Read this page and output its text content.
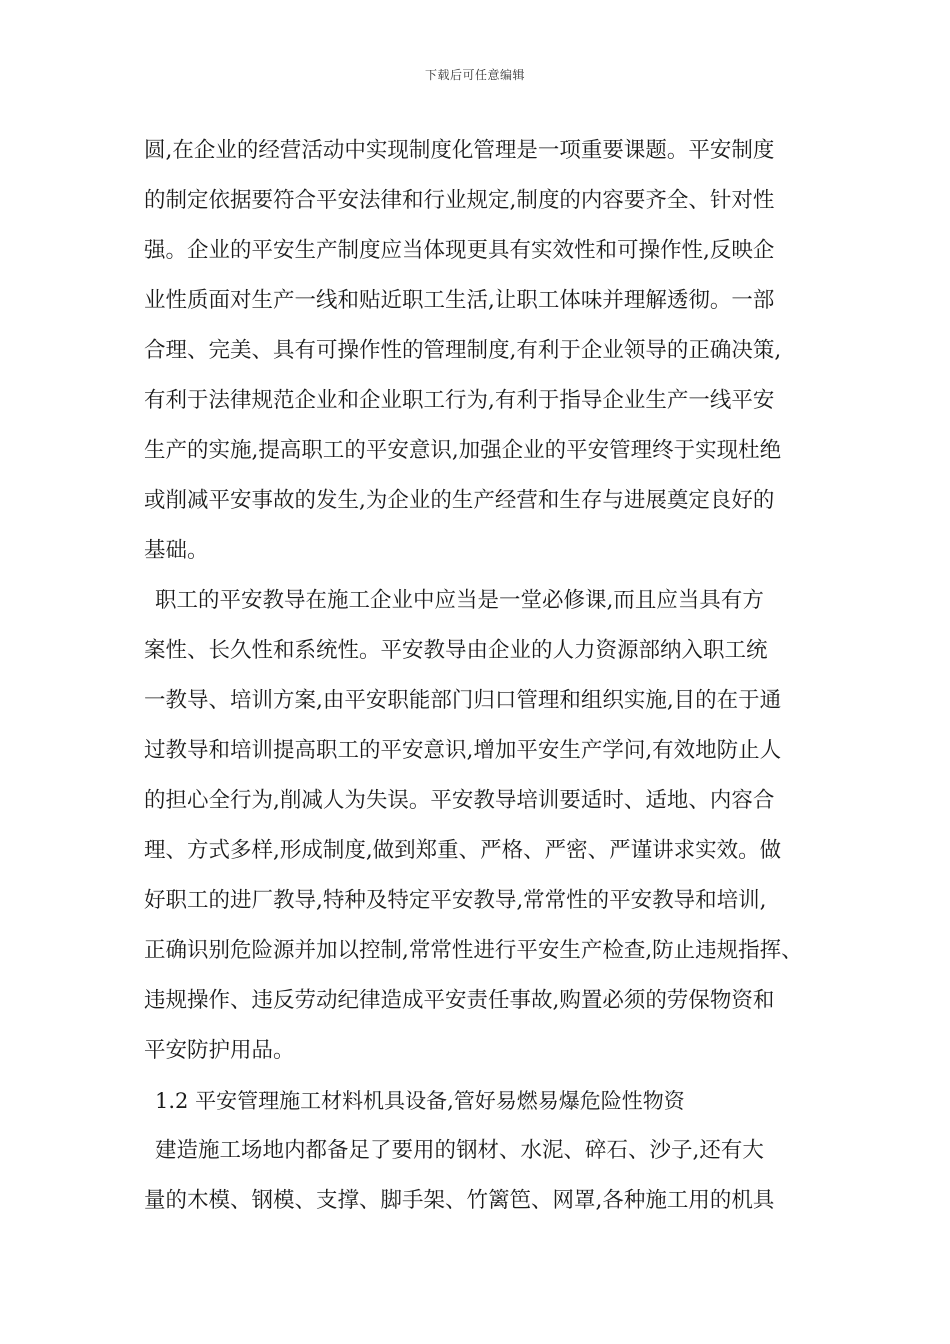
下载后可任意编辑
圆,在企业的经营活动中实现制度化管理是一项重要课题。平安制度
的制定依据要符合平安法律和行业规定,制度的内容要齐全、针对性
强。企业的平安生产制度应当体现更具有实效性和可操作性,反映企
业性质面对生产一线和贴近职工生活,让职工体味并理解透彻。一部
合理、完美、具有可操作性的管理制度,有利于企业领导的正确决策,
有利于法律规范企业和企业职工行为,有利于指导企业生产一线平安
生产的实施,提高职工的平安意识,加强企业的平安管理终于实现杜绝
或削减平安事故的发生,为企业的生产经营和生存与进展奠定良好的
基础。
职工的平安教导在施工企业中应当是一堂必修课,而且应当具有方
案性、长久性和系统性。平安教导由企业的人力资源部纳入职工统
一教导、培训方案,由平安职能部门归口管理和组织实施,目的在于通
过教导和培训提高职工的平安意识,增加平安生产学问,有效地防止人
的担心全行为,削减人为失误。平安教导培训要适时、适地、内容合
理、方式多样,形成制度,做到郑重、严格、严密、严谨讲求实效。做
好职工的进厂教导,特种及特定平安教导,常常性的平安教导和培训,
正确识别危险源并加以控制,常常性进行平安生产检查,防止违规指挥、
违规操作、违反劳动纪律造成平安责任事故,购置必须的劳保物资和
平安防护用品。
1.2 平安管理施工材料机具设备,管好易燃易爆危险性物资
建造施工场地内都备足了要用的钢材、水泥、碎石、沙子,还有大
量的木模、钢模、支撑、脚手架、竹篱笆、网罩,各种施工用的机具
